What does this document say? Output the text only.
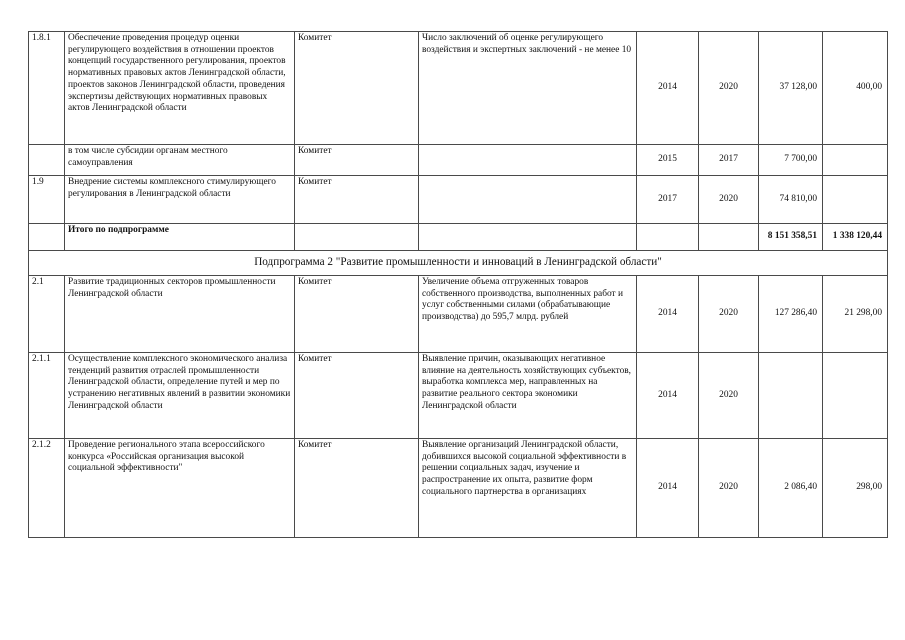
1.8.1	Обеспечение проведения процедур оценки регулирующего воздействия в отношении проектов концепций государственного регулирования, проектов нормативных правовых актов Ленинградской области, проектов законов Ленинградской области, проведения экспертизы действующих нормативных правовых актов Ленинградской области	Комитет	Число заключений об оценке регулирующего воздействия и экспертных заключений - не менее 10	2014	2020	37 128,00	400,00
	в том числе субсидии органам местного самоуправления	Комитет		2015	2017	7 700,00	
1.9	Внедрение системы комплексного стимулирующего регулирования в Ленинградской области	Комитет		2017	2020	74 810,00	
	Итого по подпрограмме					8 151 358,51	1 338 120,44
Подпрограмма 2 "Развитие промышленности и инноваций в Ленинградской области"							
2.1	Развитие традиционных секторов промышленности Ленинградской области	Комитет	Увеличение объема отгруженных товаров собственного производства, выполненных работ и услуг собственными силами (обрабатывающие производства) до 595,7 млрд. рублей	2014	2020	127 286,40	21 298,00
2.1.1	Осуществление комплексного экономического анализа тенденций развития отраслей промышленности Ленинградской области, определение путей и мер по устранению негативных явлений в развитии экономики Ленинградской области	Комитет	Выявление причин, оказывающих негативное влияние на деятельность хозяйствующих субъектов, выработка комплекса мер, направленных на развитие реального сектора экономики Ленинградской области	2014	2020		
2.1.2	Проведение регионального этапа всероссийского конкурса «Российская организация высокой социальной эффективности"	Комитет	Выявление организаций Ленинградской области, добившихся высокой социальной эффективности в решении социальных задач, изучение и распространение их опыта, развитие форм социального партнерства в организациях	2014	2020	2 086,40	298,00
